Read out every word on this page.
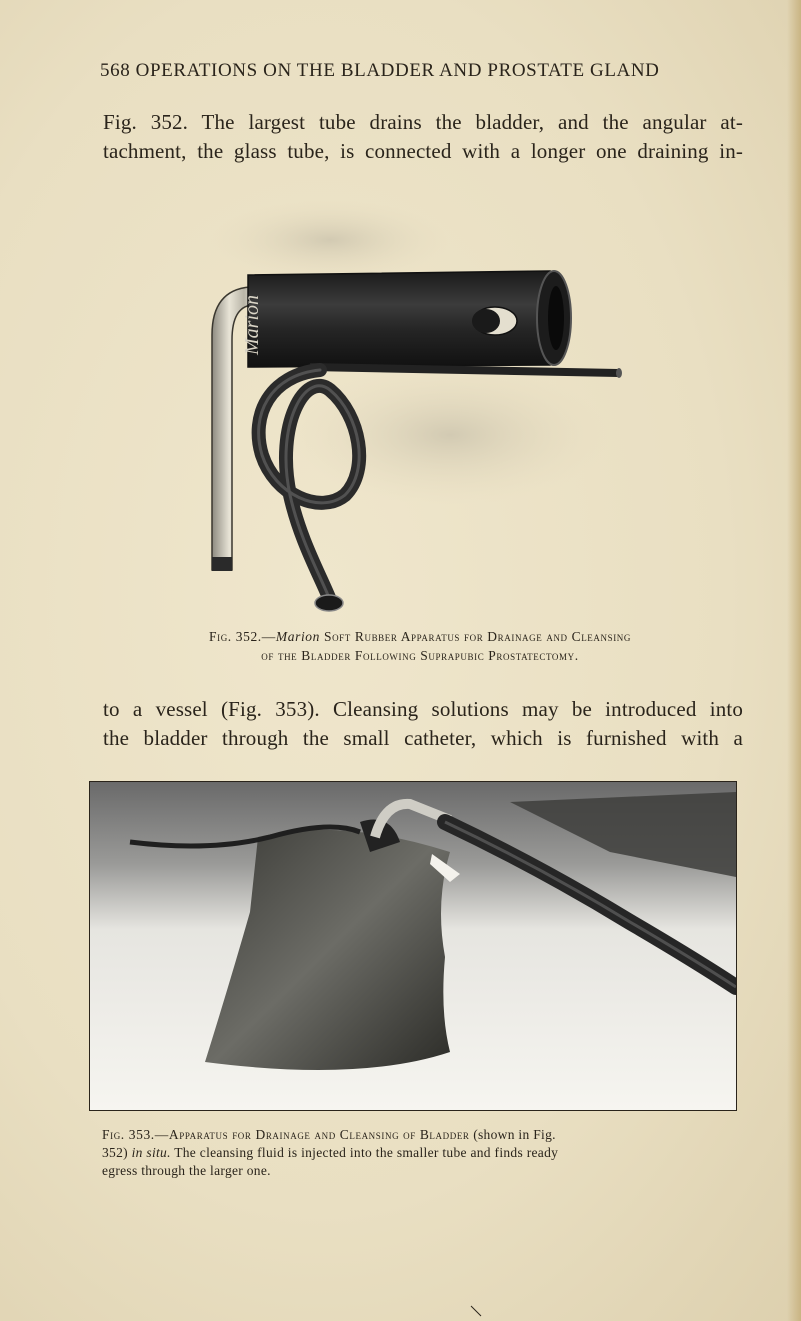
568 OPERATIONS ON THE BLADDER AND PROSTATE GLAND
Fig. 352. The largest tube drains the bladder, and the angular at-
tachment, the glass tube, is connected with a longer one draining in-
Marion
Fig. 352.—Marion Soft Rubber Apparatus for Drainage and Cleansing
of the Bladder Following Suprapubic Prostatectomy.
to a vessel (Fig. 353). Cleansing solutions may be introduced into
the bladder through the small catheter, which is furnished with a
Fig. 353.—Apparatus for Drainage and Cleansing of Bladder (shown in Fig.
352) in situ. The cleansing fluid is injected into the smaller tube and finds ready
egress through the larger one.
